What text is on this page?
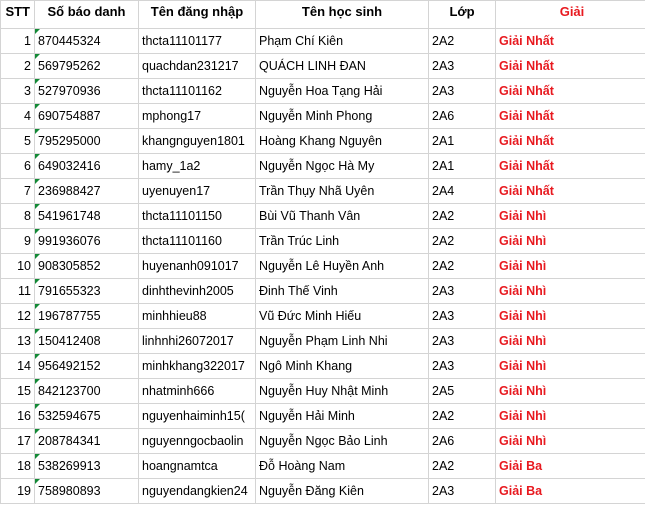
STT	Số báo danh	Tên đăng nhập	Tên học sinh	Lớp	Giải
1	870445324	thcta11101177	Phạm Chí Kiên	2A2	Giải Nhất
2	569795262	quachdan231217	QUÁCH LINH ĐAN	2A3	Giải Nhất
3	527970936	thcta11101162	Nguyễn Hoa Tạng Hải	2A3	Giải Nhất
4	690754887	mphong17	Nguyễn Minh Phong	2A6	Giải Nhất
5	795295000	khangnguyen1801	Hoàng Khang Nguyên	2A1	Giải Nhất
6	649032416	hamy_1a2	Nguyễn Ngọc Hà My	2A1	Giải Nhất
7	236988427	uyenuyen17	Trần Thụy Nhã Uyên	2A4	Giải Nhất
8	541961748	thcta11101150	Bùi Vũ Thanh Vân	2A2	Giải Nhì
9	991936076	thcta11101160	Trần Trúc Linh	2A2	Giải Nhì
10	908305852	huyenanh091017	Nguyễn Lê Huyền Anh	2A2	Giải Nhì
11	791655323	dinhthevinh2005	Đinh Thế Vinh	2A3	Giải Nhì
12	196787755	minhhieu88	Vũ Đức Minh Hiếu	2A3	Giải Nhì
13	150412408	linhnhi26072017	Nguyễn Phạm Linh Nhi	2A3	Giải Nhì
14	956492152	minhkhang322017	Ngô Minh Khang	2A3	Giải Nhì
15	842123700	nhatminh666	Nguyễn Huy Nhật Minh	2A5	Giải Nhì
16	532594675	nguyenhaiminh15(	Nguyễn Hải Minh	2A2	Giải Nhì
17	208784341	nguyenngocbaolin	Nguyễn Ngọc Bảo Linh	2A6	Giải Nhì
18	538269913	hoangnamtca	Đỗ Hoàng Nam	2A2	Giải Ba
19	758980893	nguyendangkien24	Nguyễn Đăng Kiên	2A3	Giải Ba
